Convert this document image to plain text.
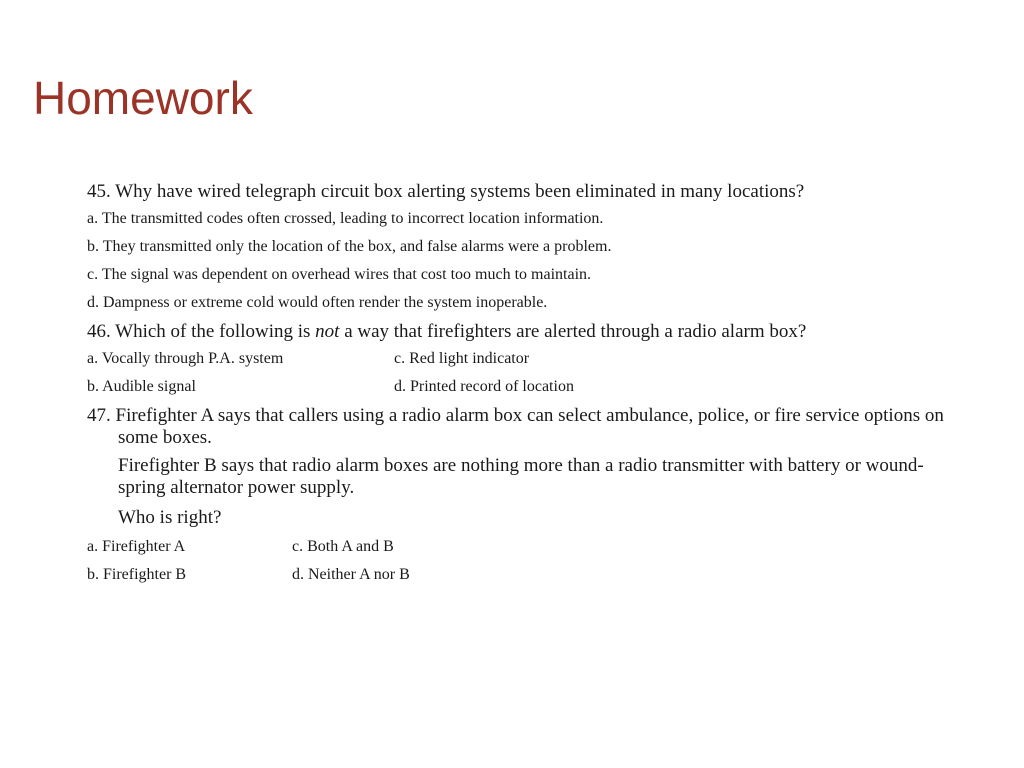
Homework
45. Why have wired telegraph circuit box alerting systems been eliminated in many locations?
a. The transmitted codes often crossed, leading to incorrect location information.
b. They transmitted only the location of the box, and false alarms were a problem.
c. The signal was dependent on overhead wires that cost too much to maintain.
d. Dampness or extreme cold would often render the system inoperable.
46. Which of the following is not a way that firefighters are alerted through a radio alarm box?
a. Vocally through P.A. system	c. Red light indicator
b. Audible signal	d. Printed record of location
47. Firefighter A says that callers using a radio alarm box can select ambulance, police, or fire service options on some boxes.
Firefighter B says that radio alarm boxes are nothing more than a radio transmitter with battery or wound-spring alternator power supply.
Who is right?
a. Firefighter A	c. Both A and B
b. Firefighter B	d. Neither A nor B
